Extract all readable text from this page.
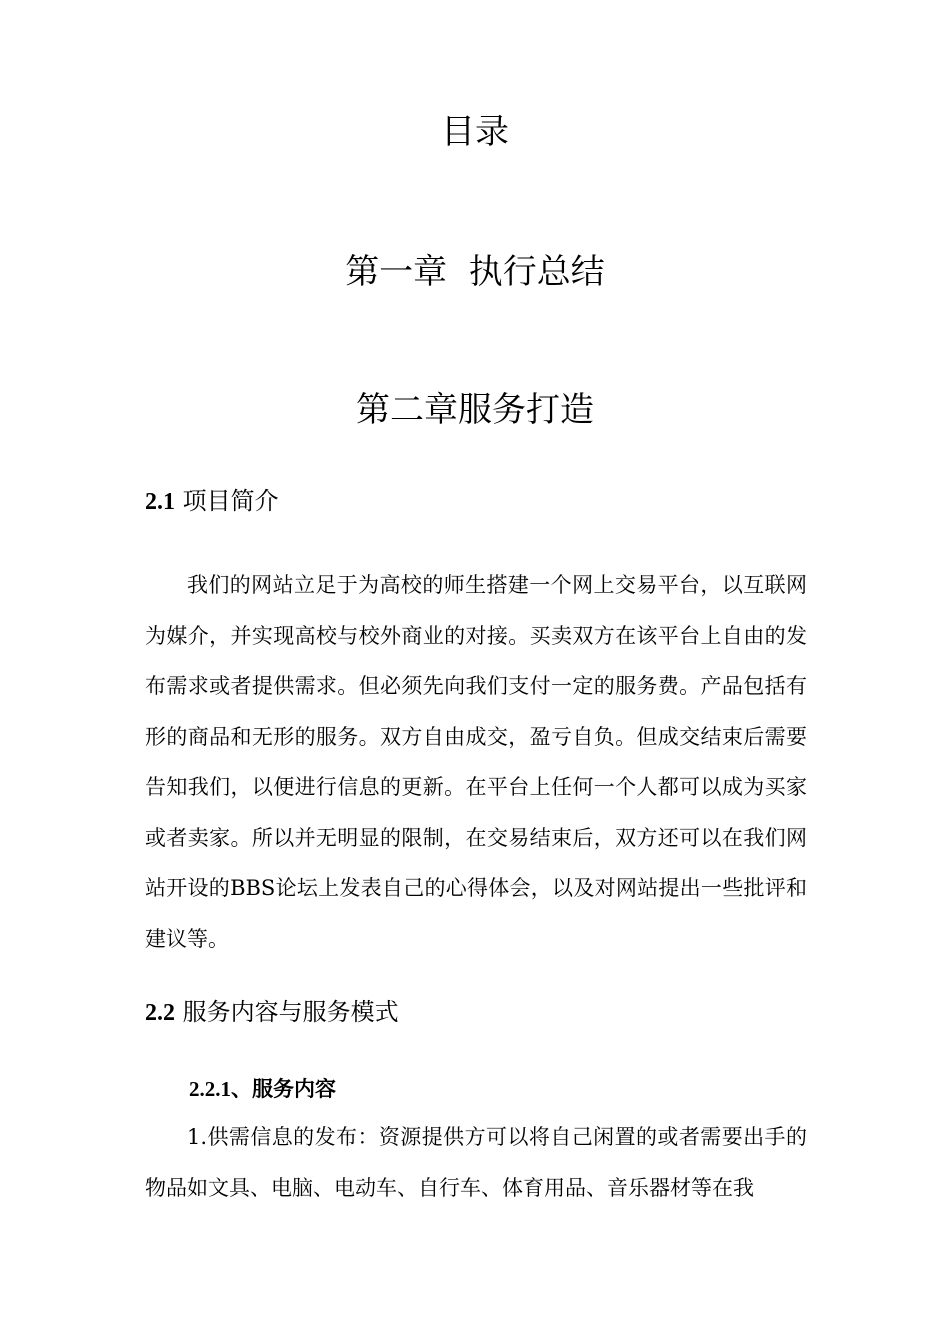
目录
第一章  执行总结
第二章服务打造
2.1 项目简介

我们的网站立足于为高校的师生搭建一个网上交易平台，以互联网为媒介，并实现高校与校外商业的对接。买卖双方在该平台上自由的发布需求或者提供需求。但必须先向我们支付一定的服务费。产品包括有形的商品和无形的服务。双方自由成交，盈亏自负。但成交结束后需要告知我们，以便进行信息的更新。在平台上任何一个人都可以成为买家或者卖家。所以并无明显的限制，在交易结束后，双方还可以在我们网站开设的BBS论坛上发表自己的心得体会，以及对网站提出一些批评和建议等。

2.2 服务内容与服务模式
2.2.1、服务内容

1.供需信息的发布：资源提供方可以将自己闲置的或者需要出手的物品如文具、电脑、电动车、自行车、体育用品、音乐器材等在我
